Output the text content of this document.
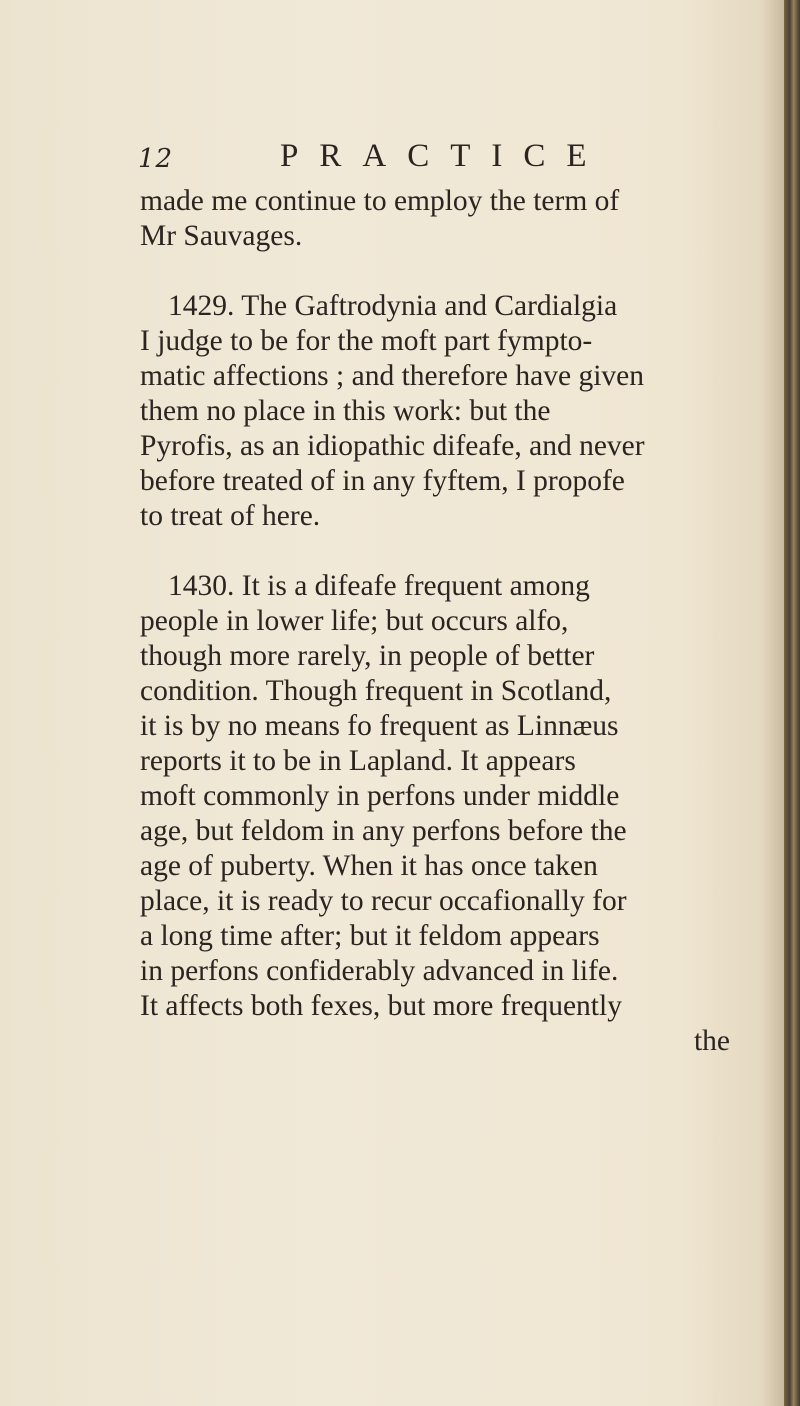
12	PRACTICE
made me continue to employ the term of
Mr Sauvages.
1429. The Gaftrodynia and Cardialgia
I judge to be for the moft part fympto-
matic affections ; and therefore have given
them no place in this work: but the
Pyrofis, as an idiopathic difeafe, and never
before treated of in any fyftem, I propofe
to treat of here.
1430. It is a difeafe frequent among
people in lower life; but occurs alfo,
though more rarely, in people of better
condition. Though frequent in Scotland,
it is by no means fo frequent as Linnæus
reports it to be in Lapland. It appears
moft commonly in perfons under middle
age, but feldom in any perfons before the
age of puberty. When it has once taken
place, it is ready to recur occafionally for
a long time after; but it feldom appears
in perfons confiderably advanced in life.
It affects both fexes, but more frequently
the
